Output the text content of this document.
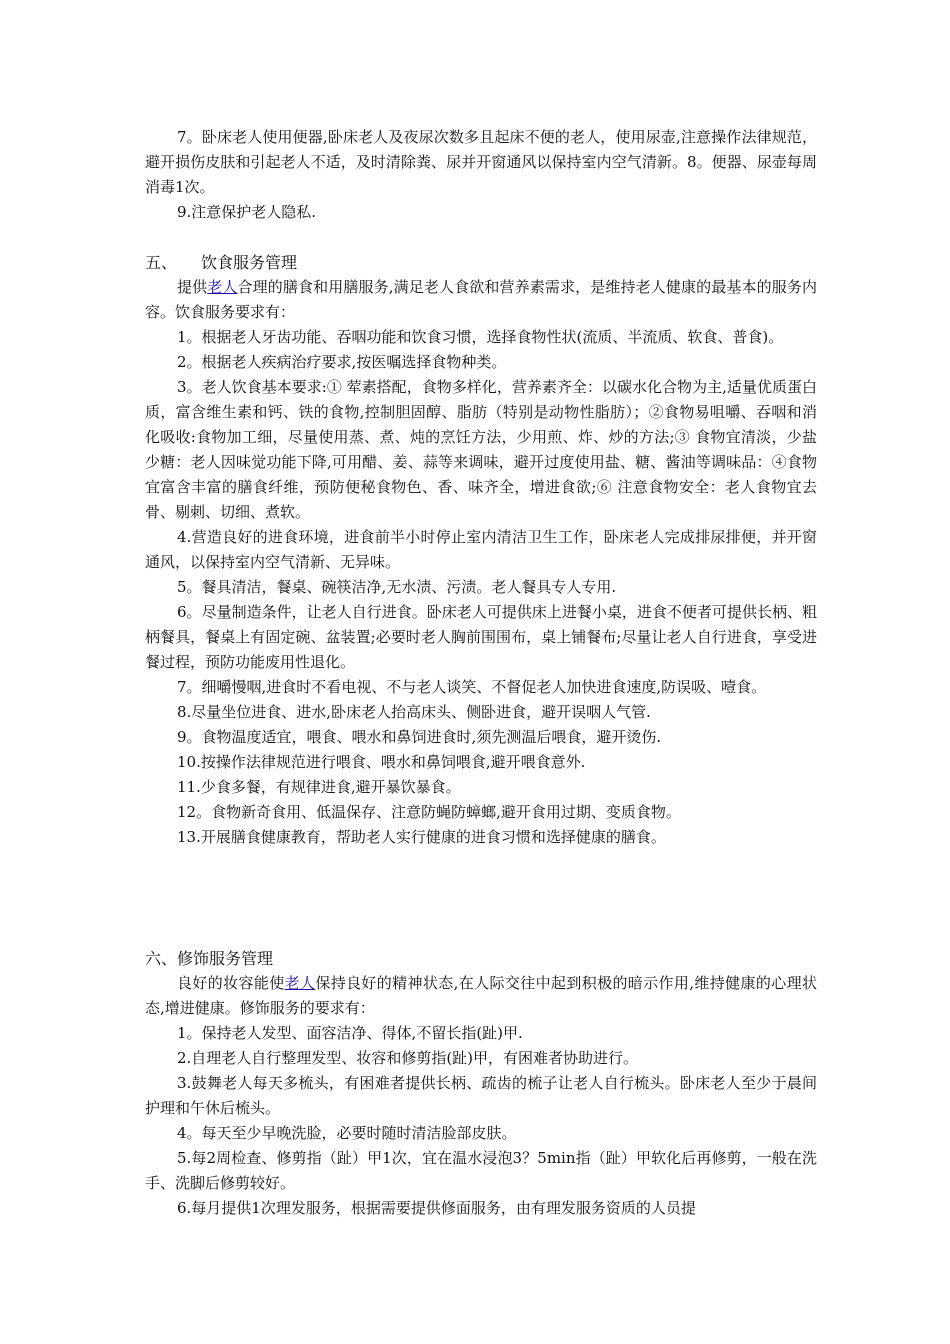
7。卧床老人使用便器,卧床老人及夜尿次数多且起床不便的老人，使用尿壶,注意操作法律规范，避开损伤皮肤和引起老人不适，及时清除粪、尿并开窗通风以保持室内空气清新。8。便器、尿壶每周消毒1次。

9.注意保护老人隐私.

五、 饮食服务管理

提供老人合理的膳食和用膳服务,满足老人食欲和营养素需求，是维持老人健康的最基本的服务内容。饮食服务要求有：

1。根据老人牙齿功能、吞咽功能和饮食习惯，选择食物性状(流质、半流质、软食、普食)。

2。根据老人疾病治疗要求,按医嘱选择食物种类。

3。老人饮食基本要求:① 荤素搭配，食物多样化，营养素齐全：以碳水化合物为主,适量优质蛋白质，富含维生素和钙、铁的食物,控制胆固醇、脂肪（特别是动物性脂肪）；②食物易咀嚼、吞咽和消化吸收:食物加工细，尽量使用蒸、煮、炖的烹饪方法，少用煎、炸、炒的方法;③ 食物宜清淡，少盐少糖：老人因味觉功能下降,可用醋、姜、蒜等来调味，避开过度使用盐、糖、酱油等调味品：④食物宜富含丰富的膳食纤维，预防便秘食物色、香、味齐全，增进食欲;⑥ 注意食物安全：老人食物宜去骨、剔刺、切细、煮软。

4.营造良好的进食环境，进食前半小时停止室内清洁卫生工作，卧床老人完成排尿排便，并开窗通风，以保持室内空气清新、无异味。

5。餐具清洁，餐桌、碗筷洁净,无水渍、污渍。老人餐具专人专用.

6。尽量制造条件，让老人自行进食。卧床老人可提供床上进餐小桌，进食不便者可提供长柄、粗柄餐具，餐桌上有固定碗、盆装置;必要时老人胸前围围布，桌上铺餐布;尽量让老人自行进食，享受进餐过程，预防功能废用性退化。

7。细嚼慢咽,进食时不看电视、不与老人谈笑、不督促老人加快进食速度,防误吸、噎食。

8.尽量坐位进食、进水,卧床老人抬高床头、侧卧进食，避开误咽人气管.

9。食物温度适宜，喂食、喂水和鼻饲进食时,须先测温后喂食，避开烫伤.

10.按操作法律规范进行喂食、喂水和鼻饲喂食,避开喂食意外.

11.少食多餐，有规律进食,避开暴饮暴食。

12。食物新奇食用、低温保存、注意防蝇防蟑螂,避开食用过期、变质食物。

13.开展膳食健康教育，帮助老人实行健康的进食习惯和选择健康的膳食。

六、修饰服务管理

良好的妆容能使老人保持良好的精神状态,在人际交往中起到积极的暗示作用,维持健康的心理状态,增进健康。修饰服务的要求有：

1。保持老人发型、面容洁净、得体,不留长指(趾)甲.

2.自理老人自行整理发型、妆容和修剪指(趾)甲，有困难者协助进行。

3.鼓舞老人每天多梳头，有困难者提供长柄、疏齿的梳子让老人自行梳头。卧床老人至少于晨间护理和午休后梳头。

4。每天至少早晚洗脸，必要时随时清洁脸部皮肤。

5.每2周检查、修剪指（趾）甲1次，宜在温水浸泡3？5min指（趾）甲软化后再修剪，一般在洗手、洗脚后修剪较好。

6.每月提供1次理发服务，根据需要提供修面服务，由有理发服务资质的人员提
